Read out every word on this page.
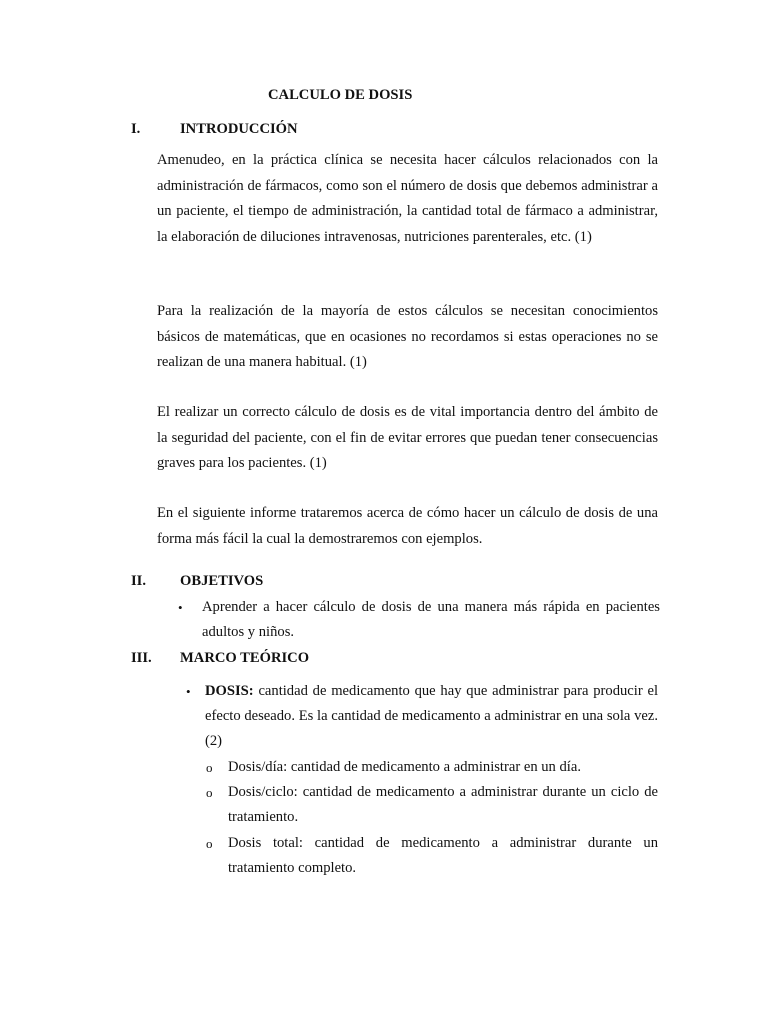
CALCULO DE DOSIS
I.	INTRODUCCIÓN

Amenudeo, en la práctica clínica se necesita hacer cálculos relacionados con la administración de fármacos, como son el número de dosis que debemos administrar a un paciente, el tiempo de administración, la cantidad total de fármaco a administrar, la elaboración de diluciones intravenosas, nutriciones parenterales, etc. (1)

Para la realización de la mayoría de estos cálculos se necesitan conocimientos básicos de matemáticas, que en ocasiones no recordamos si estas operaciones no se realizan de una manera habitual. (1)

El realizar un correcto cálculo de dosis es de vital importancia dentro del ámbito de la seguridad del paciente, con el fin de evitar errores que puedan tener consecuencias graves para los pacientes. (1)

En el siguiente informe trataremos acerca de cómo hacer un cálculo de dosis de una forma más fácil la cual la demostraremos con ejemplos.

II. OBJETIVOS
• Aprender a hacer cálculo de dosis de una manera más rápida en pacientes adultos y niños.

III. MARCO TEÓRICO
• DOSIS: cantidad de medicamento que hay que administrar para producir el efecto deseado. Es la cantidad de medicamento a administrar en una sola vez. (2)

o Dosis/día: cantidad de medicamento a administrar en un día.

o Dosis/ciclo: cantidad de medicamento a administrar durante un ciclo de tratamiento.

o Dosis total: cantidad de medicamento a administrar durante un tratamiento completo.
